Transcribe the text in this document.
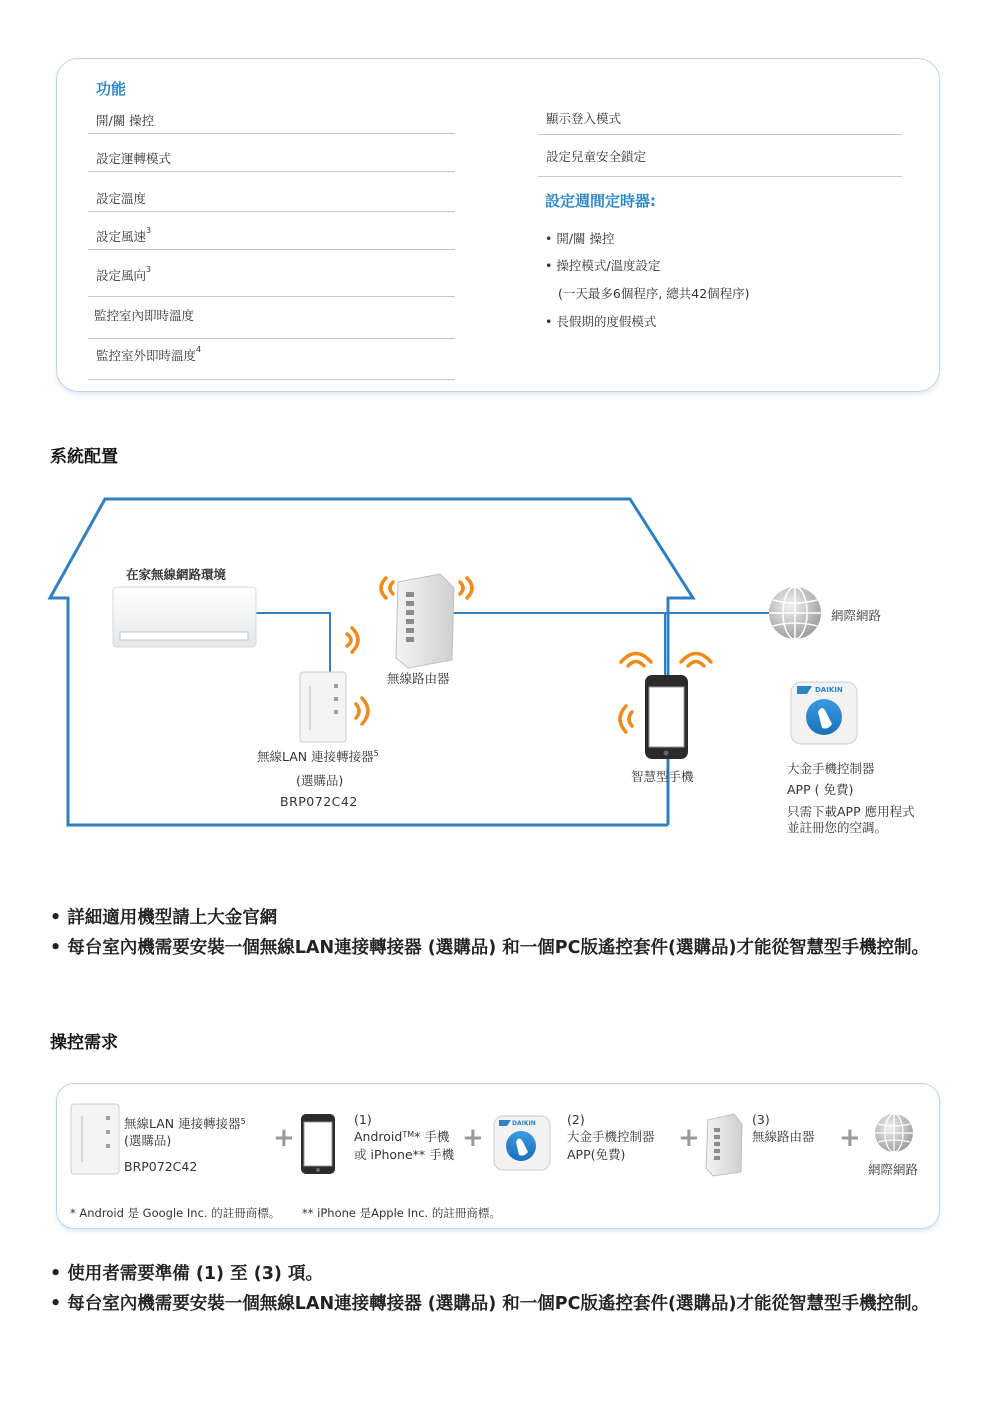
功能
開/關 操控
設定運轉模式
設定溫度
設定風速$^3$
設定風向$^3$
監控室內即時溫度
監控室外即時溫度$^4$
顯示登入模式
設定兒童安全鎖定
設定週間定時器:
• 開/關 操控
• 操控模式/溫度設定
(一天最多6個程序, 總共42個程序)
• 長假期的度假模式
系統配置
DAIKIN
在家無線網路環境
無線路由器
無線LAN 連接轉接器$^5$
(選購品)
BRP072C42
智慧型手機
網際網路
大金手機控制器
APP ( 免費)
只需下載APP 應用程式
並註冊您的空調。
• 詳細適用機型請上大金官網
• 每台室內機需要安裝一個無線LAN連接轉接器 (選購品) 和一個PC版遙控套件(選購品)才能從智慧型手機控制。
操控需求
DAIKIN
無線LAN 連接轉接器$^5$
(選購品)
BRP072C42
+
(1)
Android™* 手機
或 iPhone** 手機
+
(2)
大金手機控制器
APP(免費)
+
(3)
無線路由器 +
網際網路
* Android 是 Google Inc. 的註冊商標。 ** iPhone 是Apple Inc. 的註冊商標。
• 使用者需要準備 (1) 至 (3) 項。
• 每台室內機需要安裝一個無線LAN連接轉接器 (選購品) 和一個PC版遙控套件(選購品)才能從智慧型手機控制。
